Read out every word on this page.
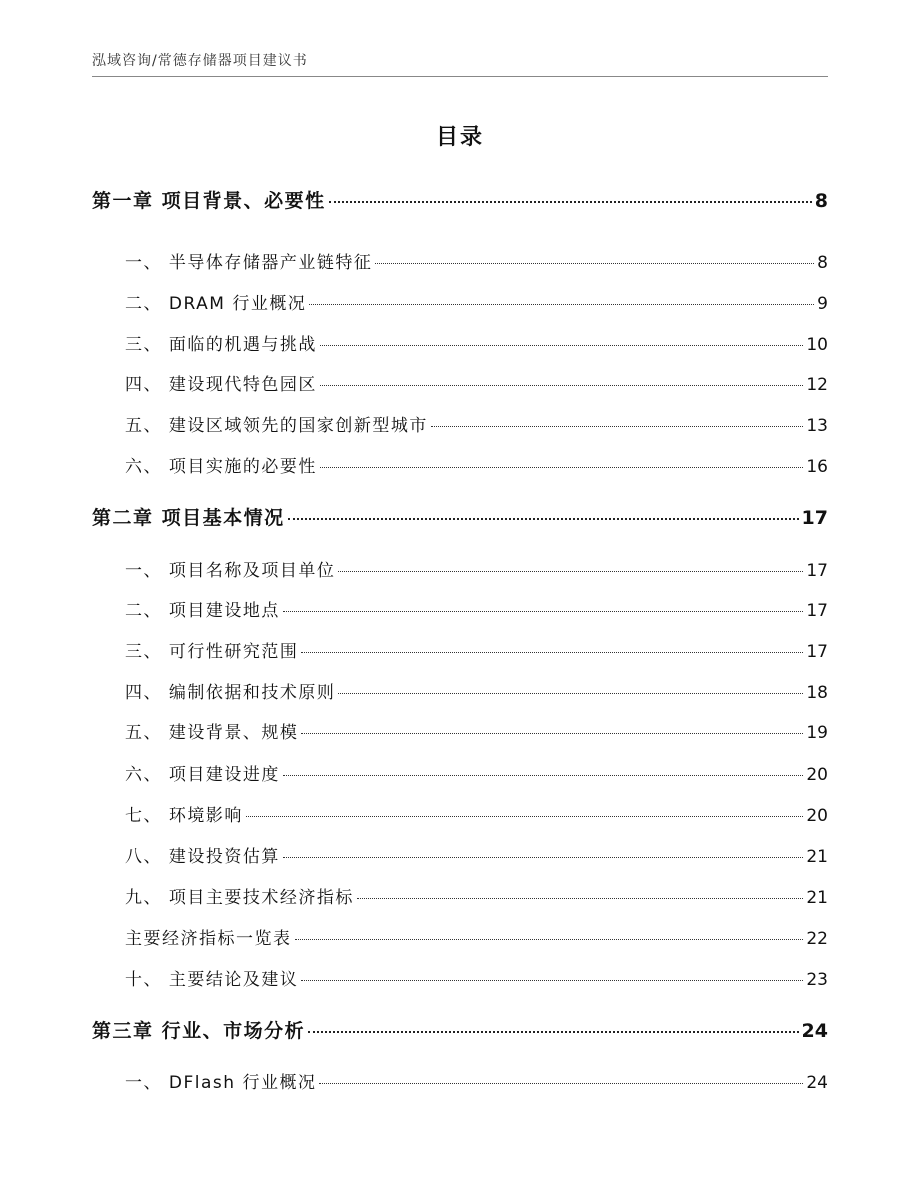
泓域咨询/常德存储器项目建议书
目录
第一章 项目背景、必要性	8
一、 半导体存储器产业链特征	8
二、 DRAM 行业概况	9
三、 面临的机遇与挑战	10
四、 建设现代特色园区	12
五、 建设区域领先的国家创新型城市	13
六、 项目实施的必要性	16
第二章 项目基本情况	17
一、 项目名称及项目单位	17
二、 项目建设地点	17
三、 可行性研究范围	17
四、 编制依据和技术原则	18
五、 建设背景、规模	19
六、 项目建设进度	20
七、 环境影响	20
八、 建设投资估算	21
九、 项目主要技术经济指标	21
主要经济指标一览表	22
十、 主要结论及建议	23
第三章 行业、市场分析	24
一、 DFlash 行业概况	24
